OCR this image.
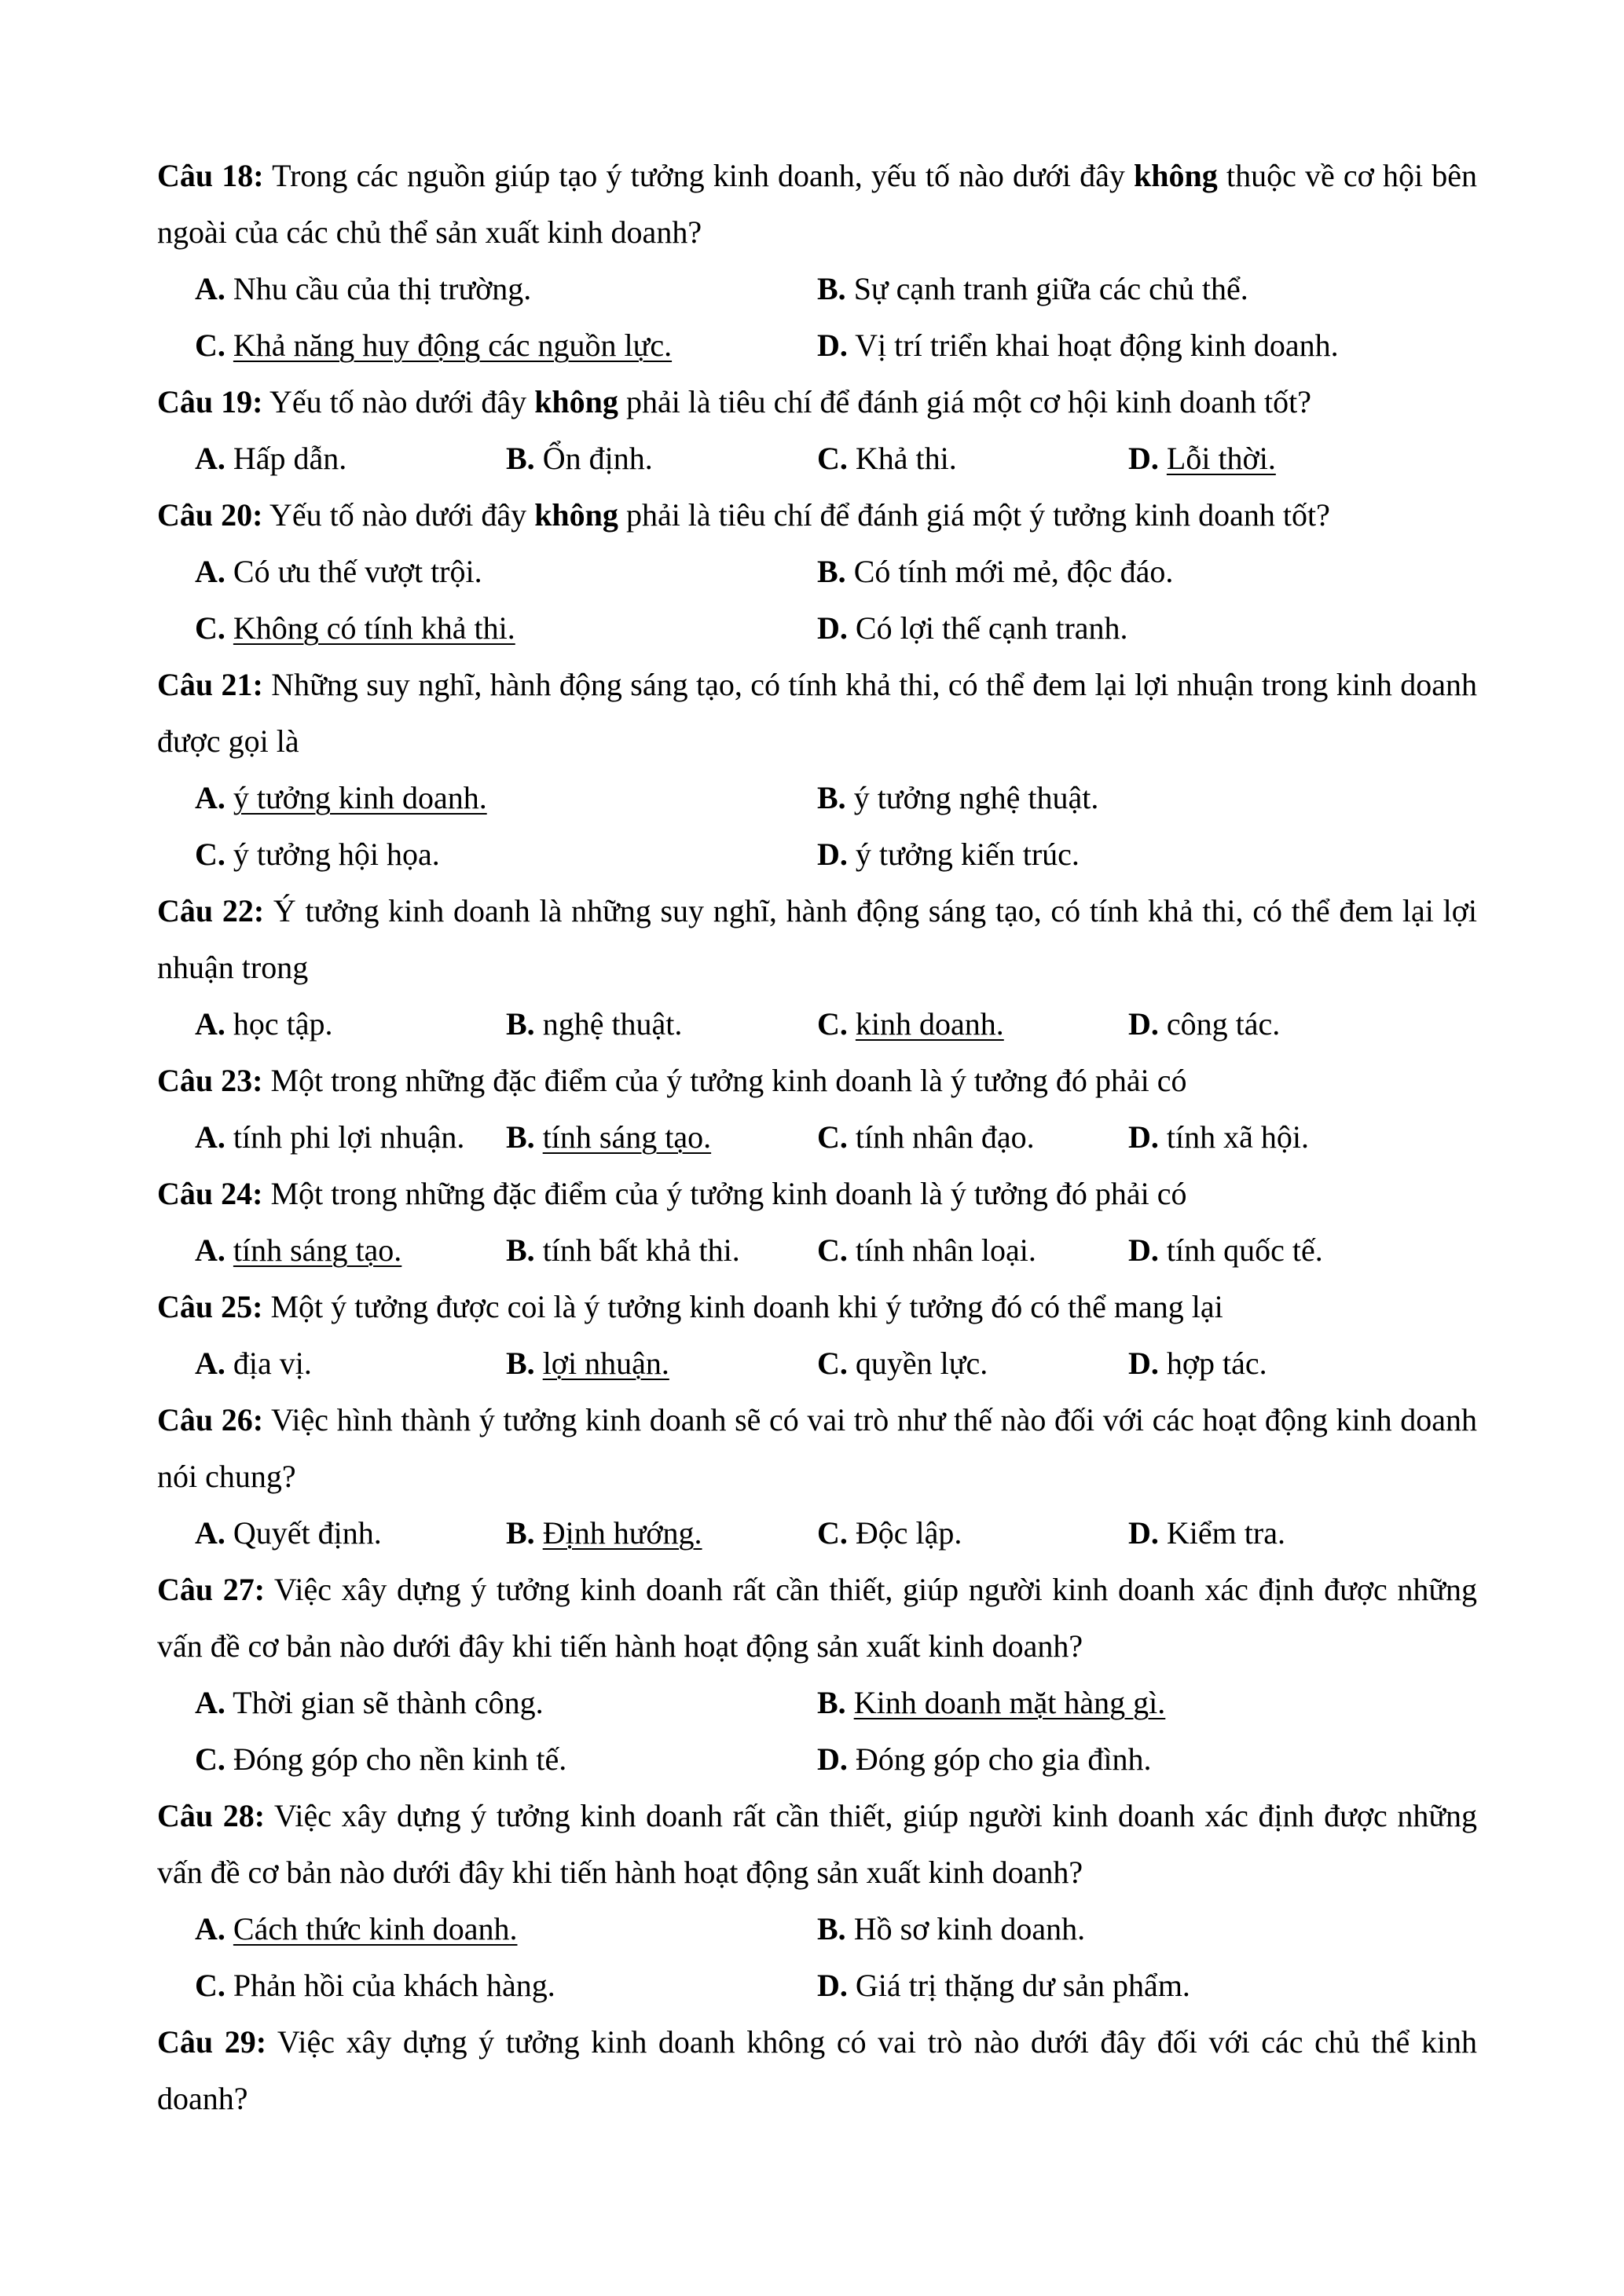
Câu 18: Trong các nguồn giúp tạo ý tưởng kinh doanh, yếu tố nào dưới đây không thuộc về cơ hội bên ngoài của các chủ thể sản xuất kinh doanh?

A. Nhu cầu của thị trường.	B. Sự cạnh tranh giữa các chủ thể.
C. Khả năng huy động các nguồn lực.	D. Vị trí triển khai hoạt động kinh doanh.

Câu 19: Yếu tố nào dưới đây không phải là tiêu chí để đánh giá một cơ hội kinh doanh tốt?

A. Hấp dẫn.	B. Ổn định.	C. Khả thi.	D. Lỗi thời.

Câu 20: Yếu tố nào dưới đây không phải là tiêu chí để đánh giá một ý tưởng kinh doanh tốt?

A. Có ưu thế vượt trội.	B. Có tính mới mẻ, độc đáo.
C. Không có tính khả thi.	D. Có lợi thế cạnh tranh.

Câu 21: Những suy nghĩ, hành động sáng tạo, có tính khả thi, có thể đem lại lợi nhuận trong kinh doanh được gọi là

A. ý tưởng kinh doanh.	B. ý tưởng nghệ thuật.
C. ý tưởng hội họa.	D. ý tưởng kiến trúc.

Câu 22: Ý tưởng kinh doanh là những suy nghĩ, hành động sáng tạo, có tính khả thi, có thể đem lại lợi nhuận trong

A. học tập.	B. nghệ thuật.	C. kinh doanh.	D. công tác.

Câu 23: Một trong những đặc điểm của ý tưởng kinh doanh là ý tưởng đó phải có

A. tính phi lợi nhuận.	B. tính sáng tạo.	C. tính nhân đạo.	D. tính xã hội.

Câu 24: Một trong những đặc điểm của ý tưởng kinh doanh là ý tưởng đó phải có

A. tính sáng tạo.	B. tính bất khả thi.	C. tính nhân loại.	D. tính quốc tế.

Câu 25: Một ý tưởng được coi là ý tưởng kinh doanh khi ý tưởng đó có thể mang lại

A. địa vị.	B. lợi nhuận.	C. quyền lực.	D. hợp tác.

Câu 26: Việc hình thành ý tưởng kinh doanh sẽ có vai trò như thế nào đối với các hoạt động kinh doanh nói chung?

A. Quyết định.	B. Định hướng.	C. Độc lập.	D. Kiểm tra.

Câu 27: Việc xây dựng ý tưởng kinh doanh rất cần thiết, giúp người kinh doanh xác định được những vấn đề cơ bản nào dưới đây khi tiến hành hoạt động sản xuất kinh doanh?

A. Thời gian sẽ thành công.	B. Kinh doanh mặt hàng gì.
C. Đóng góp cho nền kinh tế.	D. Đóng góp cho gia đình.

Câu 28: Việc xây dựng ý tưởng kinh doanh rất cần thiết, giúp người kinh doanh xác định được những vấn đề cơ bản nào dưới đây khi tiến hành hoạt động sản xuất kinh doanh?

A. Cách thức kinh doanh.	B. Hồ sơ kinh doanh.
C. Phản hồi của khách hàng.	D. Giá trị thặng dư sản phẩm.

Câu 29: Việc xây dựng ý tưởng kinh doanh không có vai trò nào dưới đây đối với các chủ thể kinh doanh?
